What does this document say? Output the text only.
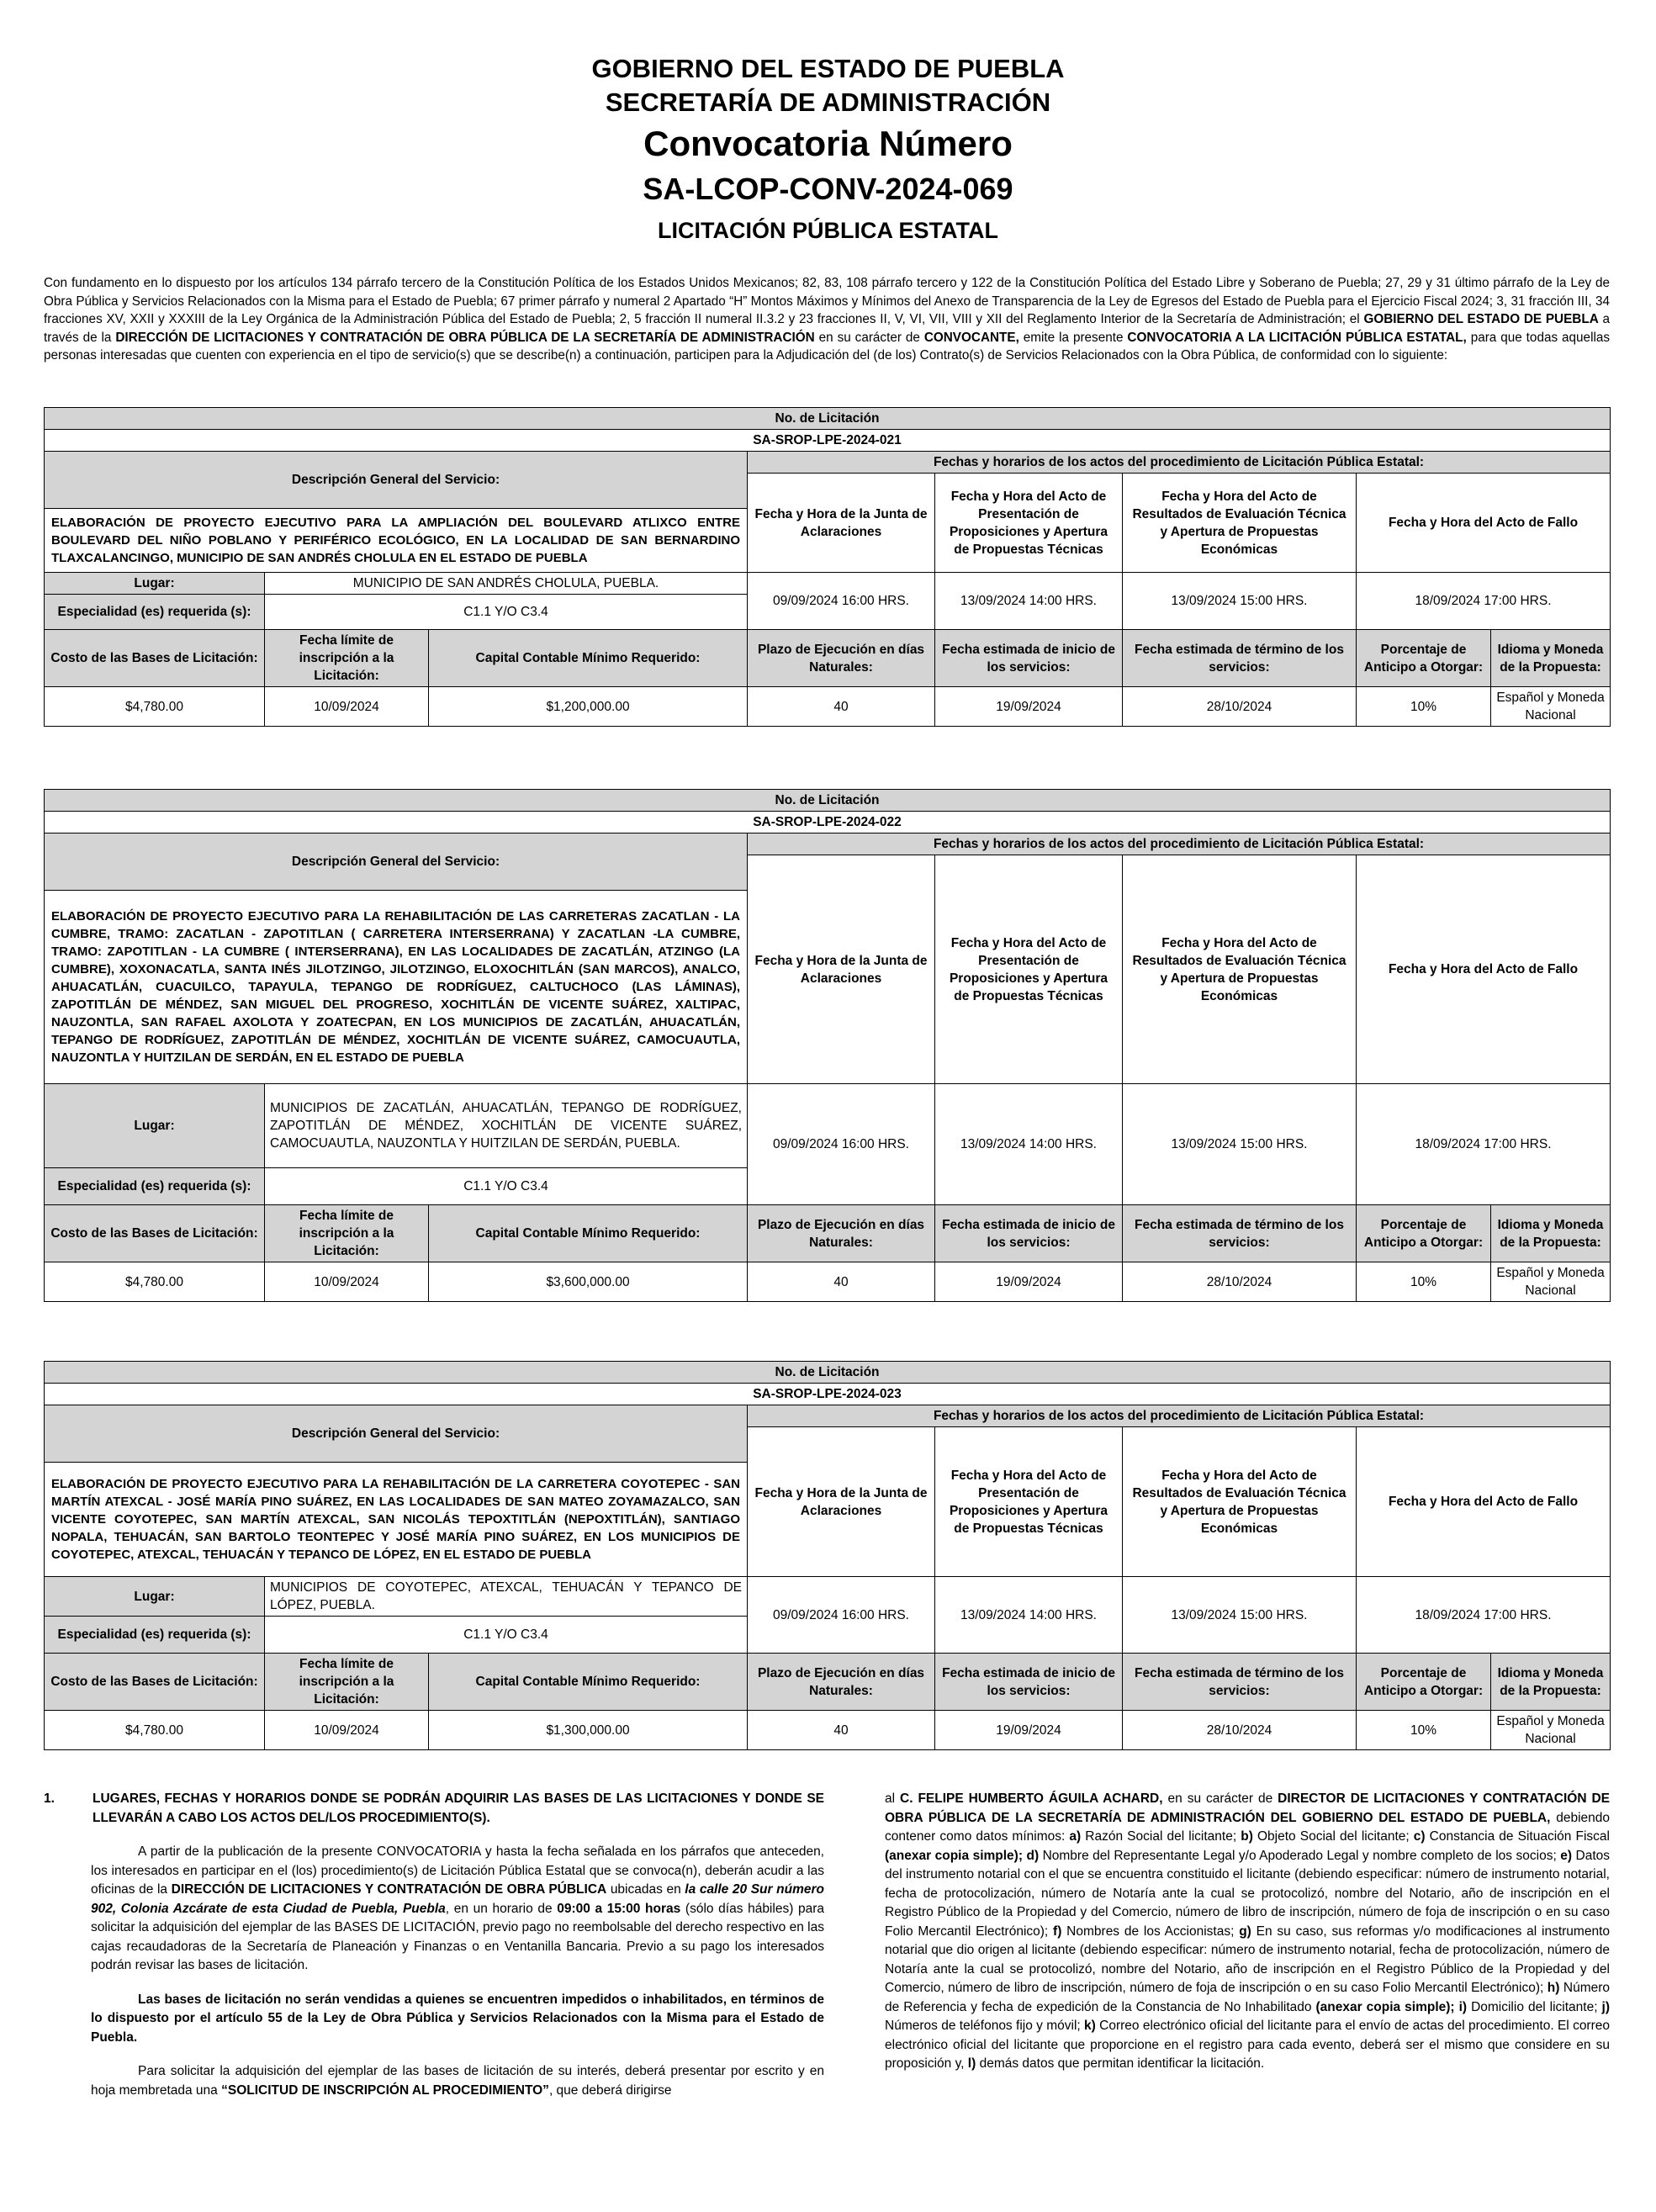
GOBIERNO DEL ESTADO DE PUEBLA
SECRETARÍA DE ADMINISTRACIÓN
Convocatoria Número
SA-LCOP-CONV-2024-069
LICITACIÓN PÚBLICA ESTATAL
Con fundamento en lo dispuesto por los artículos 134 párrafo tercero de la Constitución Política de los Estados Unidos Mexicanos; 82, 83, 108 párrafo tercero y 122 de la Constitución Política del Estado Libre y Soberano de Puebla; 27, 29 y 31 último párrafo de la Ley de Obra Pública y Servicios Relacionados con la Misma para el Estado de Puebla; 67 primer párrafo y numeral 2 Apartado “H” Montos Máximos y Mínimos del Anexo de Transparencia de la Ley de Egresos del Estado de Puebla para el Ejercicio Fiscal 2024; 3, 31 fracción III, 34 fracciones XV, XXII y XXXIII de la Ley Orgánica de la Administración Pública del Estado de Puebla; 2, 5 fracción II numeral II.3.2 y 23 fracciones II, V, VI, VII, VIII y XII del Reglamento Interior de la Secretaría de Administración; el GOBIERNO DEL ESTADO DE PUEBLA a través de la DIRECCIÓN DE LICITACIONES Y CONTRATACIÓN DE OBRA PÚBLICA DE LA SECRETARÍA DE ADMINISTRACIÓN en su carácter de CONVOCANTE, emite la presente CONVOCATORIA A LA LICITACIÓN PÚBLICA ESTATAL, para que todas aquellas personas interesadas que cuenten con experiencia en el tipo de servicio(s) que se describe(n) a continuación, participen para la Adjudicación del (de los) Contrato(s) de Servicios Relacionados con la Obra Pública, de conformidad con lo siguiente:
No. de Licitación							
SA-SROP-LPE-2024-021							
Descripción General del Servicio:			Fechas y horarios de los actos del procedimiento de Licitación Pública Estatal:				
			Fecha y Hora de la Junta de Aclaraciones	Fecha y Hora del Acto de Presentación de Proposiciones y Apertura de Propuestas Técnicas	Fecha y Hora del Acto de Resultados de Evaluación Técnica y Apertura de Propuestas Económicas	Fecha y Hora del Acto de Fallo	
ELABORACIÓN DE PROYECTO EJECUTIVO PARA LA AMPLIACIÓN DEL BOULEVARD ATLIXCO ENTRE BOULEVARD DEL NIÑO POBLANO Y PERIFÉRICO ECOLÓGICO, EN LA LOCALIDAD DE SAN BERNARDINO TLAXCALANCINGO, MUNICIPIO DE SAN ANDRÉS CHOLULA EN EL ESTADO DE PUEBLA							
Lugar:	MUNICIPIO DE SAN ANDRÉS CHOLULA, PUEBLA.		09/09/2024 16:00 HRS.	13/09/2024 14:00 HRS.	13/09/2024 15:00 HRS.	18/09/2024 17:00 HRS.	
Especialidad (es) requerida (s):	C1.1 Y/O C3.4						
Costo de las Bases de Licitación:	Fecha límite de inscripción a la Licitación:	Capital Contable Mínimo Requerido:	Plazo de Ejecución en días Naturales:	Fecha estimada de inicio de los servicios:	Fecha estimada de término de los servicios:	Porcentaje de Anticipo a Otorgar:	Idioma y Moneda de la Propuesta:
$4,780.00	10/09/2024	$1,200,000.00	40	19/09/2024	28/10/2024	10%	Español y Moneda Nacional
No. de Licitación							
SA-SROP-LPE-2024-022							
Descripción General del Servicio:			Fechas y horarios de los actos del procedimiento de Licitación Pública Estatal:				
			Fecha y Hora de la Junta de Aclaraciones	Fecha y Hora del Acto de Presentación de Proposiciones y Apertura de Propuestas Técnicas	Fecha y Hora del Acto de Resultados de Evaluación Técnica y Apertura de Propuestas Económicas	Fecha y Hora del Acto de Fallo	
ELABORACIÓN DE PROYECTO EJECUTIVO PARA LA REHABILITACIÓN DE LAS CARRETERAS ZACATLAN - LA CUMBRE, TRAMO: ZACATLAN - ZAPOTITLAN ( CARRETERA INTERSERRANA) Y ZACATLAN -LA CUMBRE, TRAMO: ZAPOTITLAN - LA CUMBRE ( INTERSERRANA), EN LAS LOCALIDADES DE ZACATLÁN, ATZINGO (LA CUMBRE), XOXONACATLA, SANTA INÉS JILOTZINGO, JILOTZINGO, ELOXOCHITLÁN (SAN MARCOS), ANALCO, AHUACATLÁN, CUACUILCO, TAPAYULA, TEPANGO DE RODRÍGUEZ, CALTUCHOCO (LAS LÁMINAS), ZAPOTITLÁN DE MÉNDEZ, SAN MIGUEL DEL PROGRESO, XOCHITLÁN DE VICENTE SUÁREZ, XALTIPAC, NAUZONTLA, SAN RAFAEL AXOLOTA Y ZOATECPAN, EN LOS MUNICIPIOS DE ZACATLÁN, AHUACATLÁN, TEPANGO DE RODRÍGUEZ, ZAPOTITLÁN DE MÉNDEZ, XOCHITLÁN DE VICENTE SUÁREZ, CAMOCUAUTLA, NAUZONTLA Y HUITZILAN DE SERDÁN, EN EL ESTADO DE PUEBLA							
Lugar:	MUNICIPIOS DE ZACATLÁN, AHUACATLÁN, TEPANGO DE RODRÍGUEZ, ZAPOTITLÁN DE MÉNDEZ, XOCHITLÁN DE VICENTE SUÁREZ, CAMOCUAUTLA, NAUZONTLA Y HUITZILAN DE SERDÁN, PUEBLA.		09/09/2024 16:00 HRS.	13/09/2024 14:00 HRS.	13/09/2024 15:00 HRS.	18/09/2024 17:00 HRS.	
Especialidad (es) requerida (s):	C1.1 Y/O C3.4						
Costo de las Bases de Licitación:	Fecha límite de inscripción a la Licitación:	Capital Contable Mínimo Requerido:	Plazo de Ejecución en días Naturales:	Fecha estimada de inicio de los servicios:	Fecha estimada de término de los servicios:	Porcentaje de Anticipo a Otorgar:	Idioma y Moneda de la Propuesta:
$4,780.00	10/09/2024	$3,600,000.00	40	19/09/2024	28/10/2024	10%	Español y Moneda Nacional
No. de Licitación							
SA-SROP-LPE-2024-023							
Descripción General del Servicio:			Fechas y horarios de los actos del procedimiento de Licitación Pública Estatal:				
			Fecha y Hora de la Junta de Aclaraciones	Fecha y Hora del Acto de Presentación de Proposiciones y Apertura de Propuestas Técnicas	Fecha y Hora del Acto de Resultados de Evaluación Técnica y Apertura de Propuestas Económicas	Fecha y Hora del Acto de Fallo	
ELABORACIÓN DE PROYECTO EJECUTIVO PARA LA REHABILITACIÓN DE LA CARRETERA COYOTEPEC - SAN MARTÍN ATEXCAL - JOSÉ MARÍA PINO SUÁREZ, EN LAS LOCALIDADES DE SAN MATEO ZOYAMAZALCO, SAN VICENTE COYOTEPEC, SAN MARTÍN ATEXCAL, SAN NICOLÁS TEPOXTITLÁN (NEPOXTITLÁN), SANTIAGO NOPALA, TEHUACÁN, SAN BARTOLO TEONTEPEC Y JOSÉ MARÍA PINO SUÁREZ, EN LOS MUNICIPIOS DE COYOTEPEC, ATEXCAL, TEHUACÁN Y TEPANCO DE LÓPEZ, EN EL ESTADO DE PUEBLA							
Lugar:	MUNICIPIOS DE COYOTEPEC, ATEXCAL, TEHUACÁN Y TEPANCO DE LÓPEZ, PUEBLA.		09/09/2024 16:00 HRS.	13/09/2024 14:00 HRS.	13/09/2024 15:00 HRS.	18/09/2024 17:00 HRS.	
Especialidad (es) requerida (s):	C1.1 Y/O C3.4						
Costo de las Bases de Licitación:	Fecha límite de inscripción a la Licitación:	Capital Contable Mínimo Requerido:	Plazo de Ejecución en días Naturales:	Fecha estimada de inicio de los servicios:	Fecha estimada de término de los servicios:	Porcentaje de Anticipo a Otorgar:	Idioma y Moneda de la Propuesta:
$4,780.00	10/09/2024	$1,300,000.00	40	19/09/2024	28/10/2024	10%	Español y Moneda Nacional
1.	LUGARES, FECHAS Y HORARIOS DONDE SE PODRÁN ADQUIRIR LAS BASES DE LAS LICITACIONES Y DONDE SE LLEVARÁN A CABO LOS ACTOS DEL/LOS PROCEDIMIENTO(S).
A partir de la publicación de la presente CONVOCATORIA y hasta la fecha señalada en los párrafos que anteceden, los interesados en participar en el (los) procedimiento(s) de Licitación Pública Estatal que se convoca(n), deberán acudir a las oficinas de la DIRECCIÓN DE LICITACIONES Y CONTRATACIÓN DE OBRA PÚBLICA ubicadas en la calle 20 Sur número 902, Colonia Azcárate de esta Ciudad de Puebla, Puebla, en un horario de 09:00 a 15:00 horas (sólo días hábiles) para solicitar la adquisición del ejemplar de las BASES DE LICITACIÓN, previo pago no reembolsable del derecho respectivo en las cajas recaudadoras de la Secretaría de Planeación y Finanzas o en Ventanilla Bancaria. Previo a su pago los interesados podrán revisar las bases de licitación.
Las bases de licitación no serán vendidas a quienes se encuentren impedidos o inhabilitados, en términos de lo dispuesto por el artículo 55 de la Ley de Obra Pública y Servicios Relacionados con la Misma para el Estado de Puebla.
Para solicitar la adquisición del ejemplar de las bases de licitación de su interés, deberá presentar por escrito y en hoja membretada una “SOLICITUD DE INSCRIPCIÓN AL PROCEDIMIENTO”, que deberá dirigirse
al C. FELIPE HUMBERTO ÁGUILA ACHARD, en su carácter de DIRECTOR DE LICITACIONES Y CONTRATACIÓN DE OBRA PÚBLICA DE LA SECRETARÍA DE ADMINISTRACIÓN DEL GOBIERNO DEL ESTADO DE PUEBLA, debiendo contener como datos mínimos: a) Razón Social del licitante; b) Objeto Social del licitante; c) Constancia de Situación Fiscal (anexar copia simple); d) Nombre del Representante Legal y/o Apoderado Legal y nombre completo de los socios; e) Datos del instrumento notarial con el que se encuentra constituido el licitante (debiendo especificar: número de instrumento notarial, fecha de protocolización, número de Notaría ante la cual se protocolizó, nombre del Notario, año de inscripción en el Registro Público de la Propiedad y del Comercio, número de libro de inscripción, número de foja de inscripción o en su caso Folio Mercantil Electrónico); f) Nombres de los Accionistas; g) En su caso, sus reformas y/o modificaciones al instrumento notarial que dio origen al licitante (debiendo especificar: número de instrumento notarial, fecha de protocolización, número de Notaría ante la cual se protocolizó, nombre del Notario, año de inscripción en el Registro Público de la Propiedad y del Comercio, número de libro de inscripción, número de foja de inscripción o en su caso Folio Mercantil Electrónico); h) Número de Referencia y fecha de expedición de la Constancia de No Inhabilitado (anexar copia simple); i) Domicilio del licitante; j) Números de teléfonos fijo y móvil; k) Correo electrónico oficial del licitante para el envío de actas del procedimiento. El correo electrónico oficial del licitante que proporcione en el registro para cada evento, deberá ser el mismo que considere en su proposición y, l) demás datos que permitan identificar la licitación.
